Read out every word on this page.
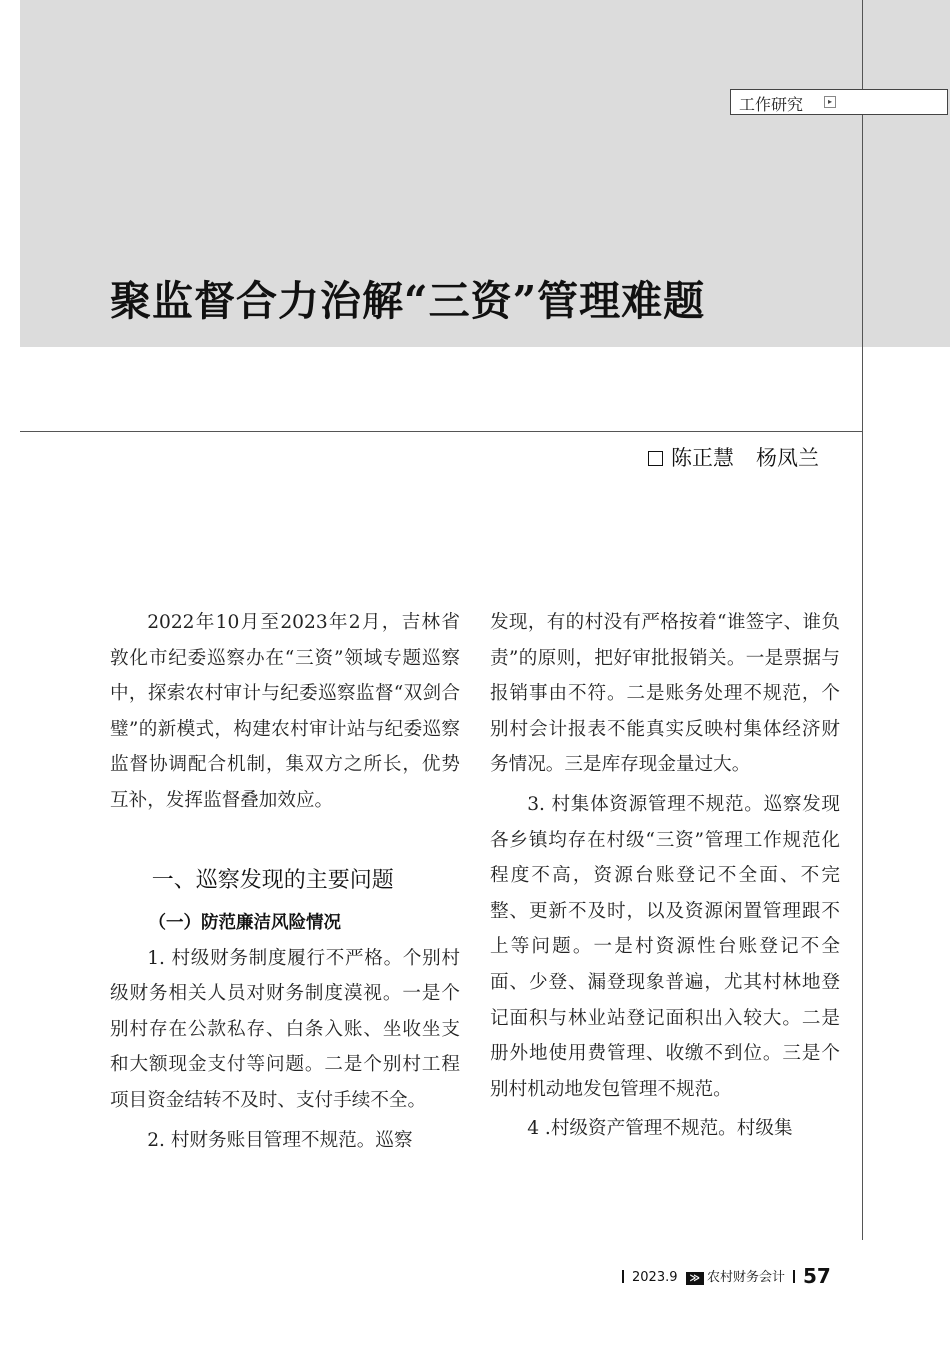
工作研究	▸
聚监督合力治解“三资”管理难题
陈正慧 杨凤兰

2022年10月至2023年2月，吉林省敦化市纪委巡察办在“三资”领域专题巡察中，探索农村审计与纪委巡察监督“双剑合璧”的新模式，构建农村审计站与纪委巡察监督协调配合机制，集双方之所长，优势互补，发挥监督叠加效应。

一、巡察发现的主要问题
（一）防范廉洁风险情况

1. 村级财务制度履行不严格。个别村级财务相关人员对财务制度漠视。一是个别村存在公款私存、白条入账、坐收坐支和大额现金支付等问题。二是个别村工程项目资金结转不及时、支付手续不全。

2. 村财务账目管理不规范。巡察

发现，有的村没有严格按着“谁签字、谁负责”的原则，把好审批报销关。一是票据与报销事由不符。二是账务处理不规范，个别村会计报表不能真实反映村集体经济财务情况。三是库存现金量过大。

3. 村集体资源管理不规范。巡察发现各乡镇均存在村级“三资”管理工作规范化程度不高，资源台账登记不全面、不完整、更新不及时，以及资源闲置管理跟不上等问题。一是村资源性台账登记不全面、少登、漏登现象普遍，尤其村林地登记面积与林业站登记面积出入较大。二是册外地使用费管理、收缴不到位。三是个别村机动地发包管理不规范。

4 .村级资产管理不规范。村级集

2023.9 ≫ 农村财务会计 57
